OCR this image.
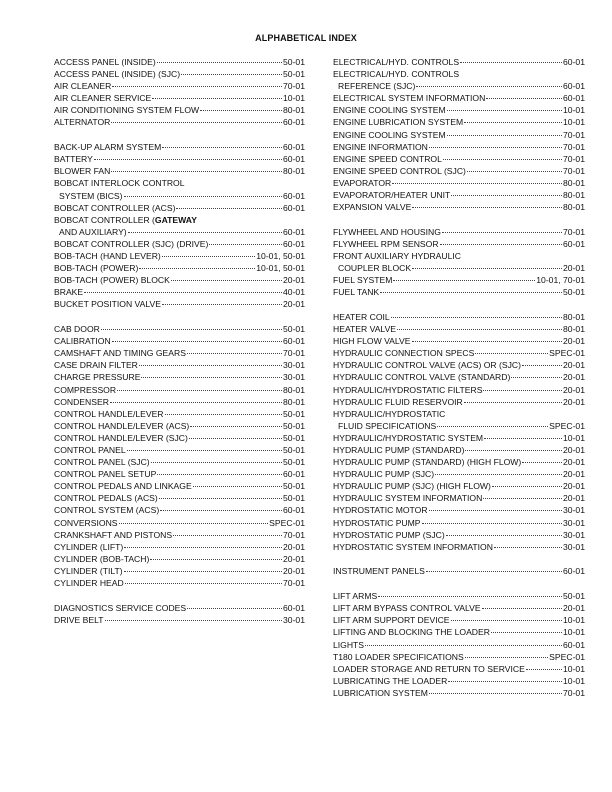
ALPHABETICAL INDEX
ACCESS PANEL (INSIDE)	50-01
ACCESS PANEL (INSIDE) (SJC)	50-01
AIR CLEANER	70-01
AIR CLEANER SERVICE	10-01
AIR CONDITIONING SYSTEM FLOW	80-01
ALTERNATOR	60-01
BACK-UP ALARM SYSTEM	60-01
BATTERY	60-01
BLOWER FAN	80-01
BOBCAT INTERLOCK CONTROL
SYSTEM (BICS)	60-01
BOBCAT CONTROLLER (ACS)	60-01
BOBCAT CONTROLLER (GATEWAY
AND AUXILIARY)	60-01
BOBCAT CONTROLLER (SJC) (DRIVE)	60-01
BOB-TACH (HAND LEVER)	10-01, 50-01
BOB-TACH (POWER)	10-01, 50-01
BOB-TACH (POWER) BLOCK	20-01
BRAKE	40-01
BUCKET POSITION VALVE	20-01
CAB DOOR	50-01
CALIBRATION	60-01
CAMSHAFT AND TIMING GEARS	70-01
CASE DRAIN FILTER	30-01
CHARGE PRESSURE	30-01
COMPRESSOR	80-01
CONDENSER	80-01
CONTROL HANDLE/LEVER	50-01
CONTROL HANDLE/LEVER (ACS)	50-01
CONTROL HANDLE/LEVER (SJC)	50-01
CONTROL PANEL	50-01
CONTROL PANEL (SJC)	50-01
CONTROL PANEL SETUP	60-01
CONTROL PEDALS AND LINKAGE	50-01
CONTROL PEDALS (ACS)	50-01
CONTROL SYSTEM (ACS)	60-01
CONVERSIONS	SPEC-01
CRANKSHAFT AND PISTONS	70-01
CYLINDER (LIFT)	20-01
CYLINDER (BOB-TACH)	20-01
CYLINDER (TILT)	20-01
CYLINDER HEAD	70-01
DIAGNOSTICS SERVICE CODES	60-01
DRIVE BELT	30-01
ELECTRICAL/HYD. CONTROLS	60-01
ELECTRICAL/HYD. CONTROLS
REFERENCE (SJC)	60-01
ELECTRICAL SYSTEM INFORMATION	60-01
ENGINE COOLING SYSTEM	10-01
ENGINE LUBRICATION SYSTEM	10-01
ENGINE COOLING SYSTEM	70-01
ENGINE INFORMATION	70-01
ENGINE SPEED CONTROL	70-01
ENGINE SPEED CONTROL (SJC)	70-01
EVAPORATOR	80-01
EVAPORATOR/HEATER UNIT	80-01
EXPANSION VALVE	80-01
FLYWHEEL AND HOUSING	70-01
FLYWHEEL RPM SENSOR	60-01
FRONT AUXILIARY HYDRAULIC
COUPLER BLOCK	20-01
FUEL SYSTEM	10-01, 70-01
FUEL TANK	50-01
HEATER COIL	80-01
HEATER VALVE	80-01
HIGH FLOW VALVE	20-01
HYDRAULIC CONNECTION SPECS	SPEC-01
HYDRAULIC CONTROL VALVE (ACS) OR (SJC)	20-01
HYDRAULIC CONTROL VALVE (STANDARD)	20-01
HYDRAULIC/HYDROSTATIC FILTERS	20-01
HYDRAULIC FLUID RESERVOIR	20-01
HYDRAULIC/HYDROSTATIC
FLUID SPECIFICATIONS	SPEC-01
HYDRAULIC/HYDROSTATIC SYSTEM	10-01
HYDRAULIC PUMP (STANDARD)	20-01
HYDRAULIC PUMP (STANDARD) (HIGH FLOW)	20-01
HYDRAULIC PUMP (SJC)	20-01
HYDRAULIC PUMP (SJC) (HIGH FLOW)	20-01
HYDRAULIC SYSTEM INFORMATION	20-01
HYDROSTATIC MOTOR	30-01
HYDROSTATIC PUMP	30-01
HYDROSTATIC PUMP (SJC)	30-01
HYDROSTATIC SYSTEM INFORMATION	30-01
INSTRUMENT PANELS	60-01
LIFT ARMS	50-01
LIFT ARM BYPASS CONTROL VALVE	20-01
LIFT ARM SUPPORT DEVICE	10-01
LIFTING AND BLOCKING THE LOADER	10-01
LIGHTS	60-01
T180 LOADER SPECIFICATIONS	SPEC-01
LOADER STORAGE AND RETURN TO SERVICE	10-01
LUBRICATING THE LOADER	10-01
LUBRICATION SYSTEM	70-01
